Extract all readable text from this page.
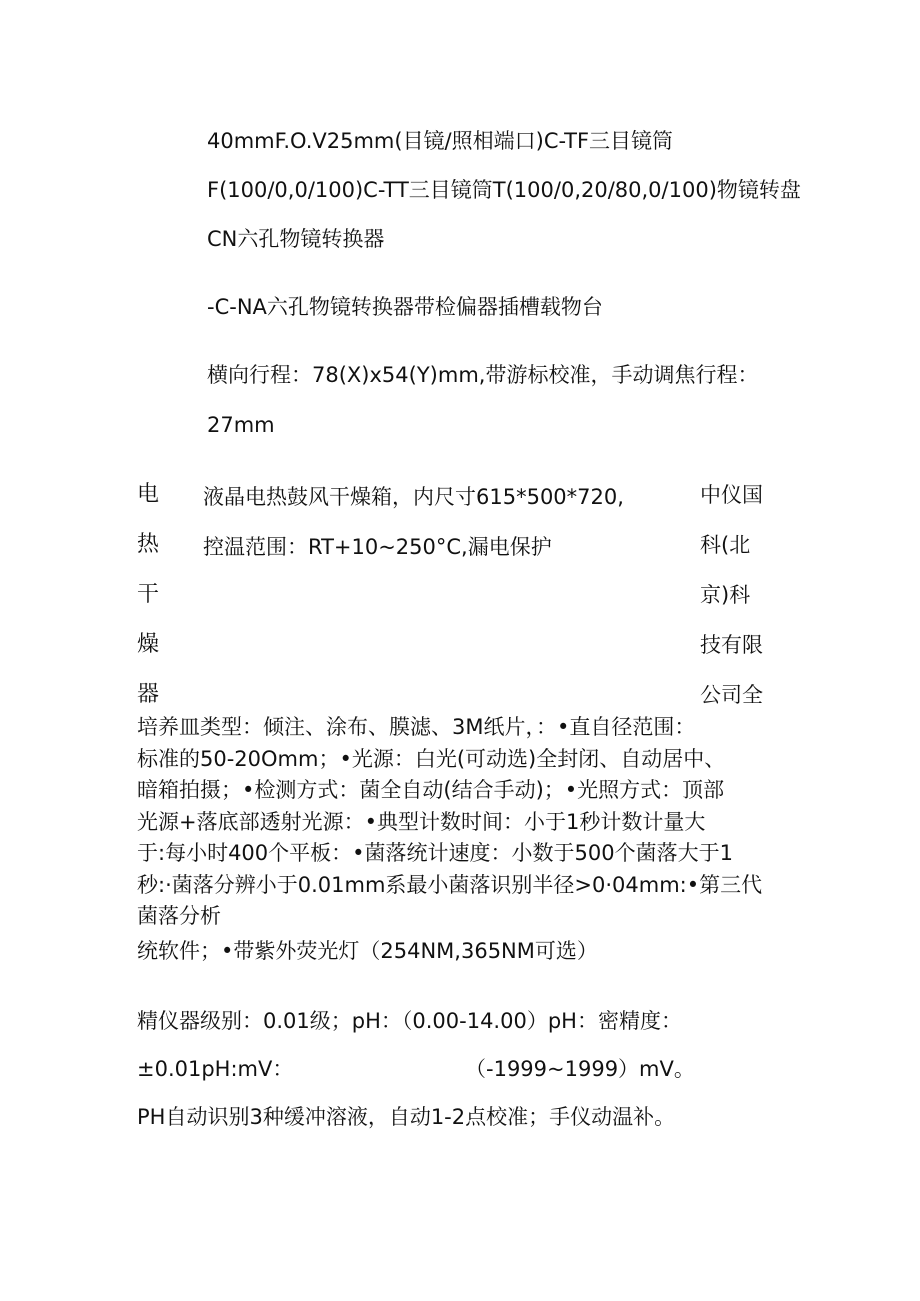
40mmF.O.V25mm(目镜/照相端口)C-TF三目镜筒
F(100/0,0/100)C-TT三目镜筒T(100/0,20/80,0/100)物镜转盘
CN六孔物镜转换器
-C-NA六孔物镜转换器带检偏器插槽载物台
横向行程：78(X)x54(Y)mm,带游标校准，手动调焦行程：
27mm
电
热
干
燥
器
液晶电热鼓风干燥箱，内尺寸615*500*720,
控温范围：RT+10~250°C,漏电保护
中仪国
科(北
京)科
技有限
公司全
培养皿类型：倾注、涂布、膜滤、3M纸片，：•直自径范围：
标准的50-20Omm；•光源：白光(可动选)全封闭、自动居中、
暗箱拍摄；•检测方式：菌全自动(结合手动)；•光照方式：顶部
光源+落底部透射光源：•典型计数时间：小于1秒计数计量大
于:每小时400个平板：•菌落统计速度：小数于500个菌落大于1
秒:·菌落分辨小于0.01mm系最小菌落识别半径>0·04mm:•第三代
菌落分析
统软件；•带紫外荧光灯（254NM,365NM可选）
精仪器级别：0.01级；pH：（0.00-14.00）pH：密精度：
±0.01pH:mV：	（-1999~1999）mV。
PH自动识别3种缓冲溶液，自动1-2点校准；手仪动温补。
